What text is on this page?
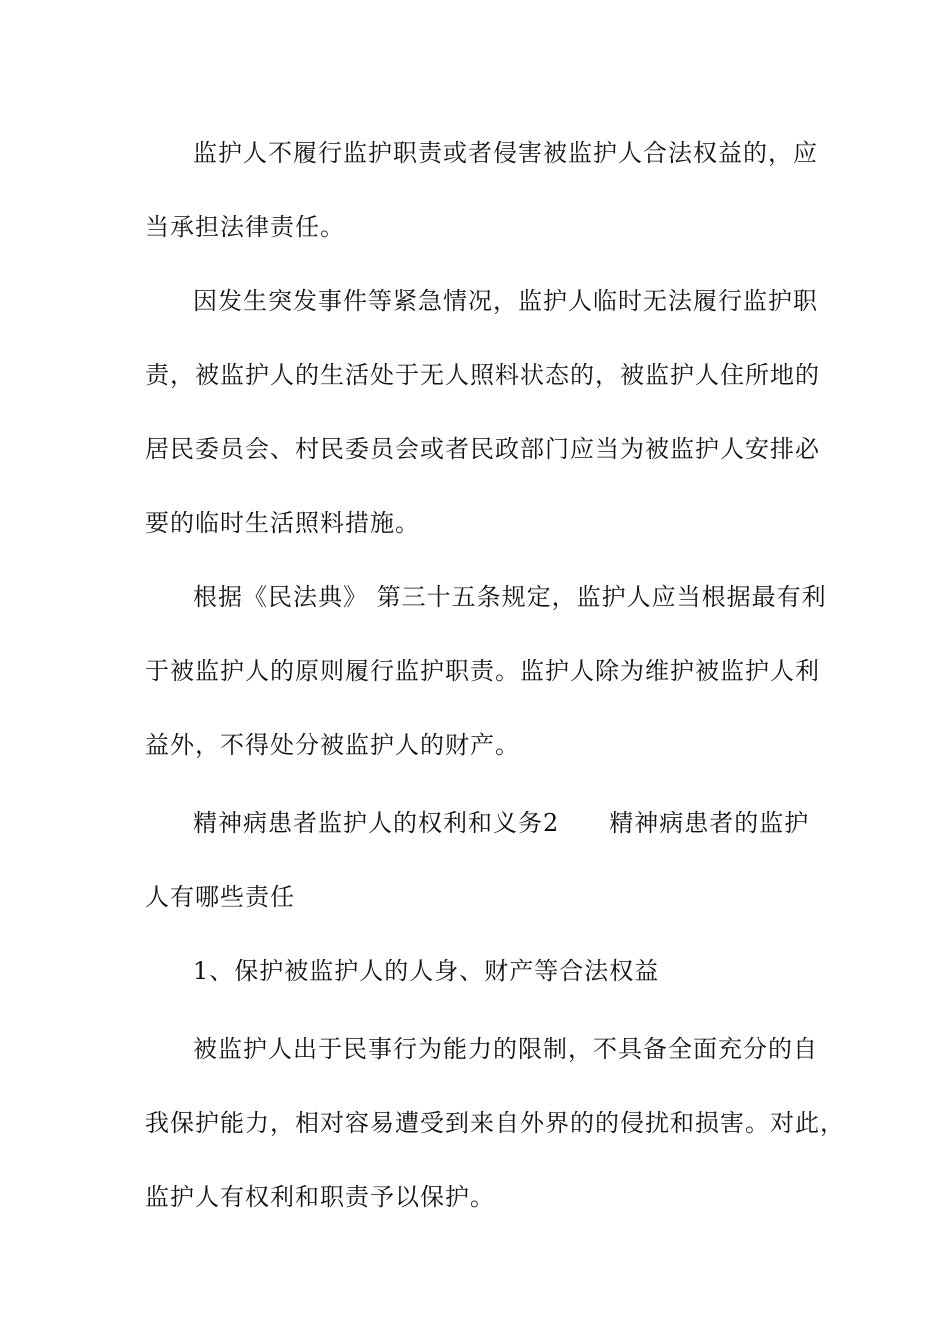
监护人不履行监护职责或者侵害被监护人合法权益的，应
当承担法律责任。
因发生突发事件等紧急情况，监护人临时无法履行监护职
责，被监护人的生活处于无人照料状态的，被监护人住所地的
居民委员会、村民委员会或者民政部门应当为被监护人安排必
要的临时生活照料措施。
根据《民法典》 第三十五条规定，监护人应当根据最有利
于被监护人的原则履行监护职责。监护人除为维护被监护人利
益外，不得处分被监护人的财产。
精神病患者监护人的权利和义务2　　精神病患者的监护
人有哪些责任
1、保护被监护人的人身、财产等合法权益
被监护人出于民事行为能力的限制，不具备全面充分的自
我保护能力，相对容易遭受到来自外界的的侵扰和损害。对此，
监护人有权利和职责予以保护。
